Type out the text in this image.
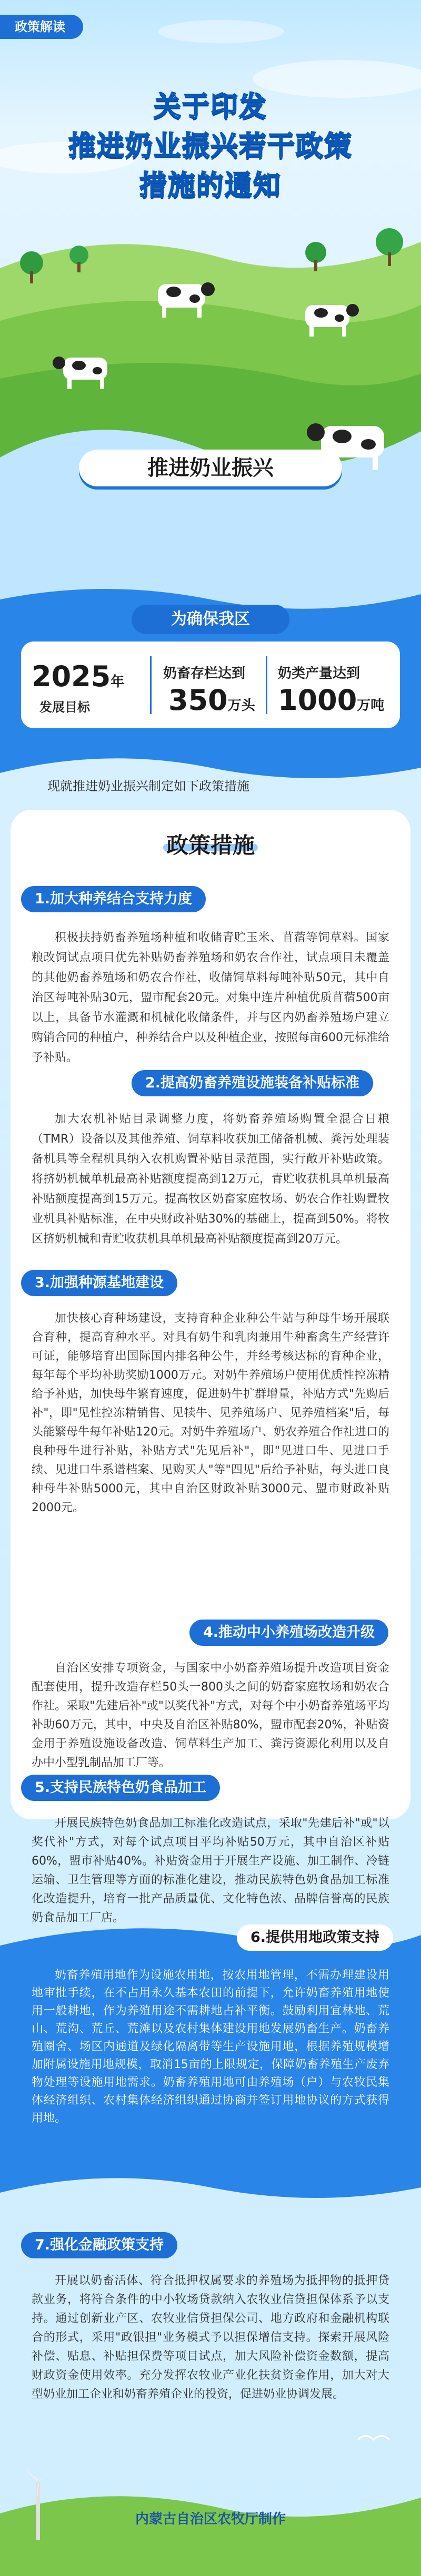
政策解读
关于印发
推进奶业振兴若干政策
措施的通知
推进奶业振兴
为确保我区
2025年
发展目标
奶畜存栏达到
350万头
奶类产量达到
1000万吨
现就推进奶业振兴制定如下政策措施
政策措施
1.加大种养结合支持力度
积极扶持奶畜养殖场种植和收储青贮玉米、苜蓿等饲草料。国家粮改饲试点项目优先补贴奶畜养殖场和奶农合作社，试点项目未覆盖的其他奶畜养殖场和奶农合作社，收储饲草料每吨补贴50元，其中自治区每吨补贴30元，盟市配套20元。对集中连片种植优质苜蓿500亩以上，具备节水灌溉和机械化收储条件，并与区内奶畜养殖场户建立购销合同的种植户，种养结合户以及种植企业，按照每亩600元标准给予补贴。
2.提高奶畜养殖设施装备补贴标准
加大农机补贴目录调整力度，将奶畜养殖场购置全混合日粮（TMR）设备以及其他养殖、饲草料收获加工储备机械、粪污处理装备机具等全程机具纳入农机购置补贴目录范围，实行敞开补贴政策。将挤奶机械单机最高补贴额度提高到12万元，青贮收获机具单机最高补贴额度提高到15万元。提高牧区奶畜家庭牧场、奶农合作社购置牧业机具补贴标准，在中央财政补贴30%的基础上，提高到50%。将牧区挤奶机械和青贮收获机具单机最高补贴额度提高到20万元。
3.加强种源基地建设
加快核心育种场建设，支持育种企业种公牛站与种母牛场开展联合育种，提高育种水平。对具有奶牛和乳肉兼用牛种畜禽生产经营许可证，能够培育出国际国内排名种公牛，并经考核达标的育种企业，每年每个平均补助奖励1000万元。对奶牛养殖场户使用优质性控冻精给予补贴，加快母牛繁育速度，促进奶牛扩群增量，补贴方式"先购后补"，即"见性控冻精销售、见犊牛、见养殖场户、见养殖档案"后，每头能繁母牛每年补贴120元。对奶牛养殖场户、奶农养殖合作社进口的良种母牛进行补贴，补贴方式"先见后补"，即"见进口牛、见进口手续、见进口牛系谱档案、见购买人"等"四见"后给予补贴，每头进口良种母牛补贴5000元，其中自治区财政补贴3000元、盟市财政补贴2000元。
4.推动中小养殖场改造升级
自治区安排专项资金，与国家中小奶畜养殖场提升改造项目资金配套使用，提升改造存栏50头一800头之间的奶畜家庭牧场和奶农合作社。采取"先建后补"或"以奖代补"方式，对每个中小奶畜养殖场平均补助60万元，其中，中央及自治区补贴80%，盟市配套20%，补贴资金用于养殖设施设备改造、饲草料生产加工、粪污资源化利用以及自办中小型乳制品加工厂等。
5.支持民族特色奶食品加工
开展民族特色奶食品加工标准化改造试点，采取"先建后补"或"以奖代补"方式，对每个试点项目平均补贴50万元，其中自治区补贴60%，盟市补贴40%。补贴资金用于开展生产设施、加工制作、冷链运输、卫生管理等方面的标准化建设，推动民族特色奶食品加工标准化改造提升，培育一批产品质量优、文化特色浓、品牌信誉高的民族奶食品加工厂店。
6.提供用地政策支持
奶畜养殖用地作为设施农用地，按农用地管理，不需办理建设用地审批手续，在不占用永久基本农田的前提下，允许奶畜养殖用地使用一般耕地，作为养殖用途不需耕地占补平衡。鼓励利用宜林地、荒山、荒沟、荒丘、荒滩以及农村集体建设用地发展奶畜生产。奶畜养殖圈舍、场区内通道及绿化隔离带等生产设施用地，根据养殖规模增加附属设施用地规模，取消15亩的上限规定，保障奶畜养殖生产废弃物处理等设施用地需求。奶畜养殖用地可由养殖场（户）与农牧民集体经济组织、农村集体经济组织通过协商并签订用地协议的方式获得用地。
7.强化金融政策支持
开展以奶畜活体、符合抵押权属要求的养殖场为抵押物的抵押贷款业务，将符合条件的中小牧场贷款纳入农牧业信贷担保体系予以支持。通过创新业产区、农牧业信贷担保公司、地方政府和金融机构联合的形式，采用"政银担"业务模式予以担保增信支持。探索开展风险补偿、贴息、补贴担保费等项目试点，加大风险补偿资金数额，提高财政资金使用效率。充分发挥农牧业产业化扶贫资金作用，加大对大型奶业加工企业和奶畜养殖企业的投资，促进奶业协调发展。
内蒙古自治区农牧厅制作
